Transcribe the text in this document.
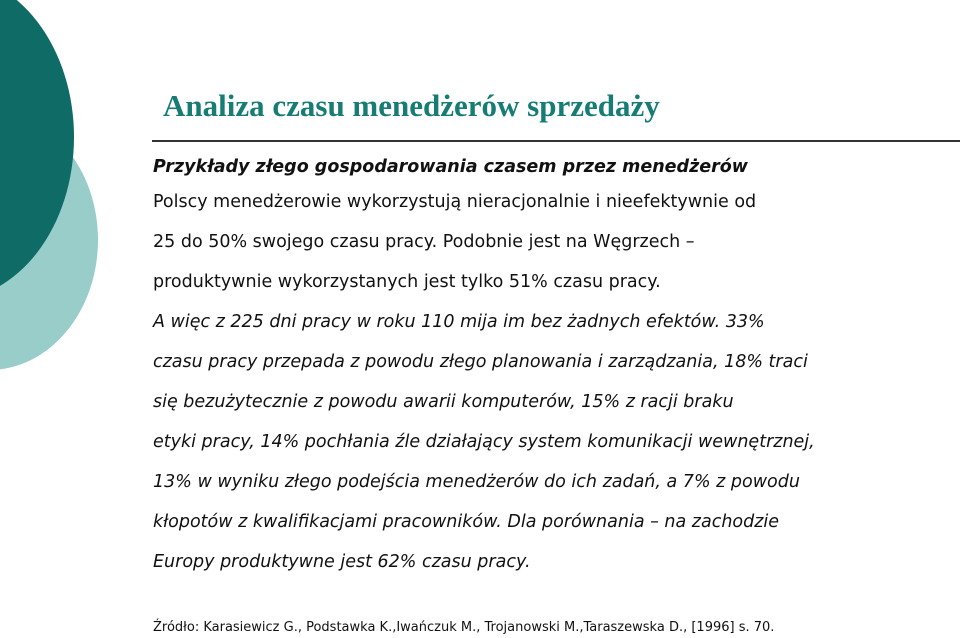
Analiza czasu menedżerów sprzedaży
Przykłady złego gospodarowania czasem przez menedżerów
Polscy menedżerowie wykorzystują nieracjonalnie i nieefektywnie od
25 do 50% swojego czasu pracy. Podobnie jest na Węgrzech –
produktywnie wykorzystanych jest tylko 51% czasu pracy.
A więc z 225 dni pracy w roku 110 mija im bez żadnych efektów. 33%
czasu pracy przepada z powodu złego planowania i zarządzania, 18% traci
się bezużytecznie z powodu awarii komputerów, 15% z racji braku
etyki pracy, 14% pochłania źle działający system komunikacji wewnętrznej,
13% w wyniku złego podejścia menedżerów do ich zadań, a 7% z powodu
kłopotów z kwalifikacjami pracowników. Dla porównania – na zachodzie
Europy produktywne jest 62% czasu pracy.
Źródło: Karasiewicz G., Podstawka K.,Iwańczuk M., Trojanowski M.,Taraszewska D., [1996] s. 70.
